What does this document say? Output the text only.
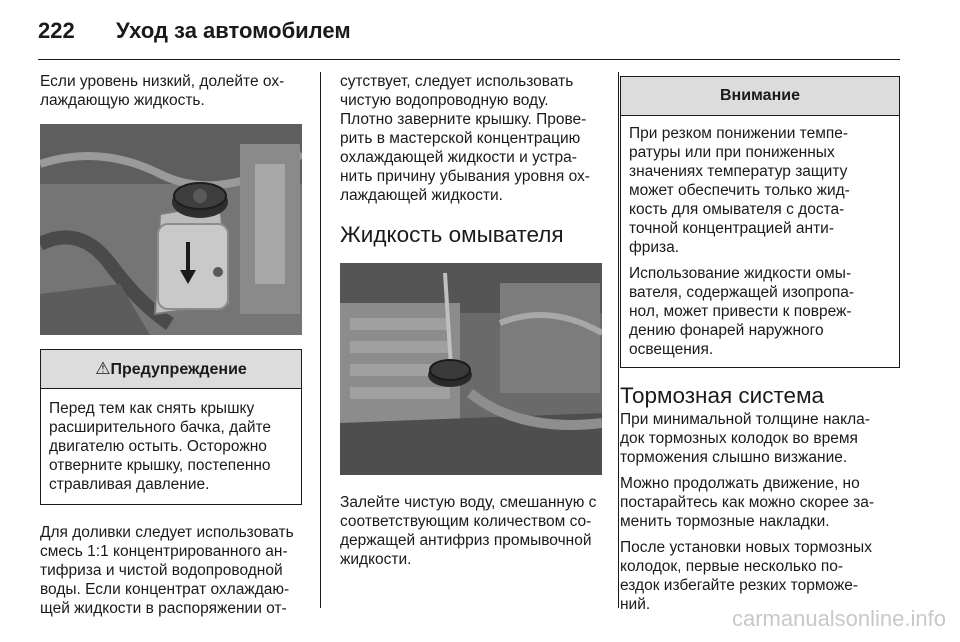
222 Уход за автомобилем

Если уровень низкий, долейте ох-
лаждающую жидкость.

⚠Предупреждение

Перед тем как снять крышку
расширительного бачка, дайте
двигателю остыть. Осторожно
отверните крышку, постепенно
стравливая давление.

Для доливки следует использовать
смесь 1:1 концентрированного ан-
тифриза и чистой водопроводной
воды. Если концентрат охлаждаю-
щей жидкости в распоряжении от-

сутствует, следует использовать
чистую водопроводную воду.
Плотно заверните крышку. Прове-
рить в мастерской концентрацию
охлаждающей жидкости и устра-
нить причину убывания уровня ох-
лаждающей жидкости.

Жидкость омывателя

Залейте чистую воду, смешанную с
соответствующим количеством со-
держащей антифриз промывочной
жидкости.

Внимание

При резком понижении темпе-
ратуры или при пониженных
значениях температур защиту
может обеспечить только жид-
кость для омывателя с доста-
точной концентрацией анти-
фриза.

Использование жидкости омы-
вателя, содержащей изопропа-
нол, может привести к повреж-
дению фонарей наружного
освещения.

Тормозная система

При минимальной толщине накла-
док тормозных колодок во время
торможения слышно визжание.

Можно продолжать движение, но
постарайтесь как можно скорее за-
менить тормозные накладки.

После установки новых тормозных
колодок, первые несколько по-
ездок избегайте резких торможе-
ний.

carmanualsonline.info
